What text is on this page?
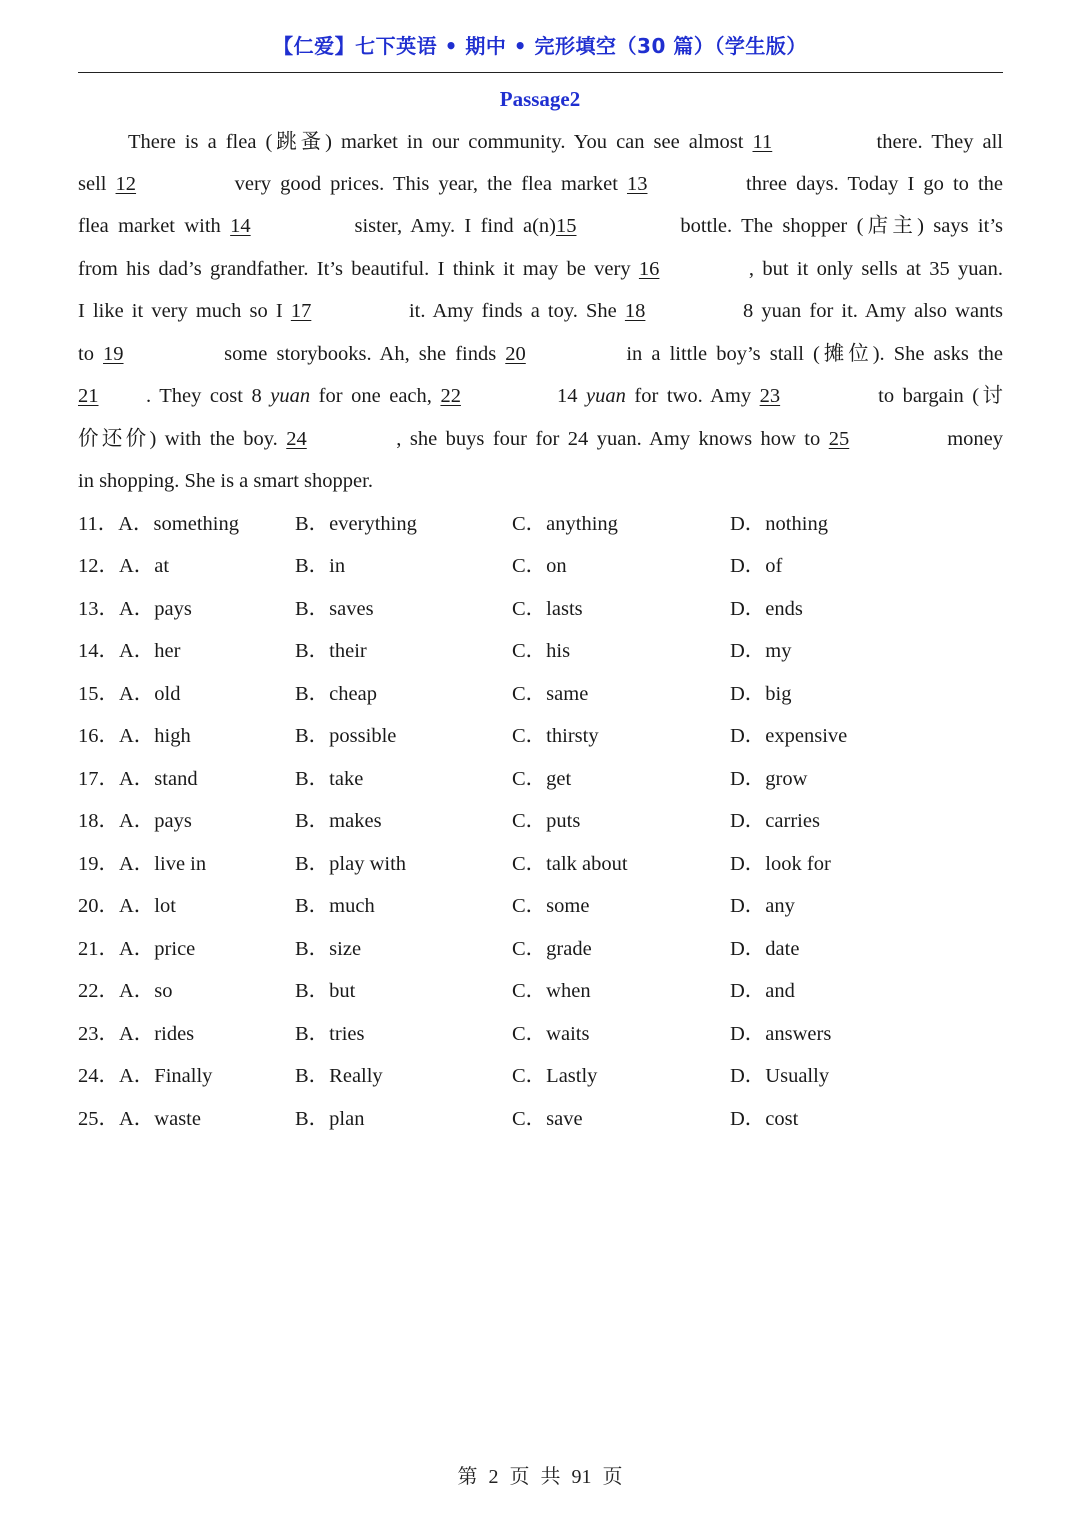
【仁爱】七下英语 • 期中 • 完形填空（30 篇）（学生版）
Passage2
There is a flea (跳蚤) market in our community. You can see almost 11	there. They all
sell 12	very good prices. This year, the flea market 13	three days. Today I go to the
flea market with 14	sister, Amy. I find a(n)15	bottle. The shopper (店主) says it’s
from his dad’s grandfather. It’s beautiful. I think it may be very 16	, but it only sells at 35 yuan.
I like it very much so I 17	it. Amy finds a toy. She 18	8 yuan for it. Amy also wants
to 19	some storybooks. Ah, she finds 20	in a little boy’s stall (摊位). She asks the
21 . They cost 8 yuan for one each, 22	14 yuan for two. Amy 23	to bargain (讨
价还价) with the boy. 24	, she buys four for 24 yuan. Amy knows how to 25	money
in shopping. She is a smart shopper.
11．A．something	B．everything	C．anything	D．nothing
12．A．at	B．in	C．on	D．of
13．A．pays	B．saves	C．lasts	D．ends
14．A．her	B．their	C．his	D．my
15．A．old	B．cheap	C．same	D．big
16．A．high	B．possible	C．thirsty	D．expensive
17．A．stand	B．take	C．get	D．grow
18．A．pays	B．makes	C．puts	D．carries
19．A．live in	B．play with	C．talk about	D．look for
20．A．lot	B．much	C．some	D．any
21．A．price	B．size	C．grade	D．date
22．A．so	B．but	C．when	D．and
23．A．rides	B．tries	C．waits	D．answers
24．A．Finally	B．Really	C．Lastly	D．Usually
25．A．waste	B．plan	C．save	D．cost
第 2 页 共 91 页
